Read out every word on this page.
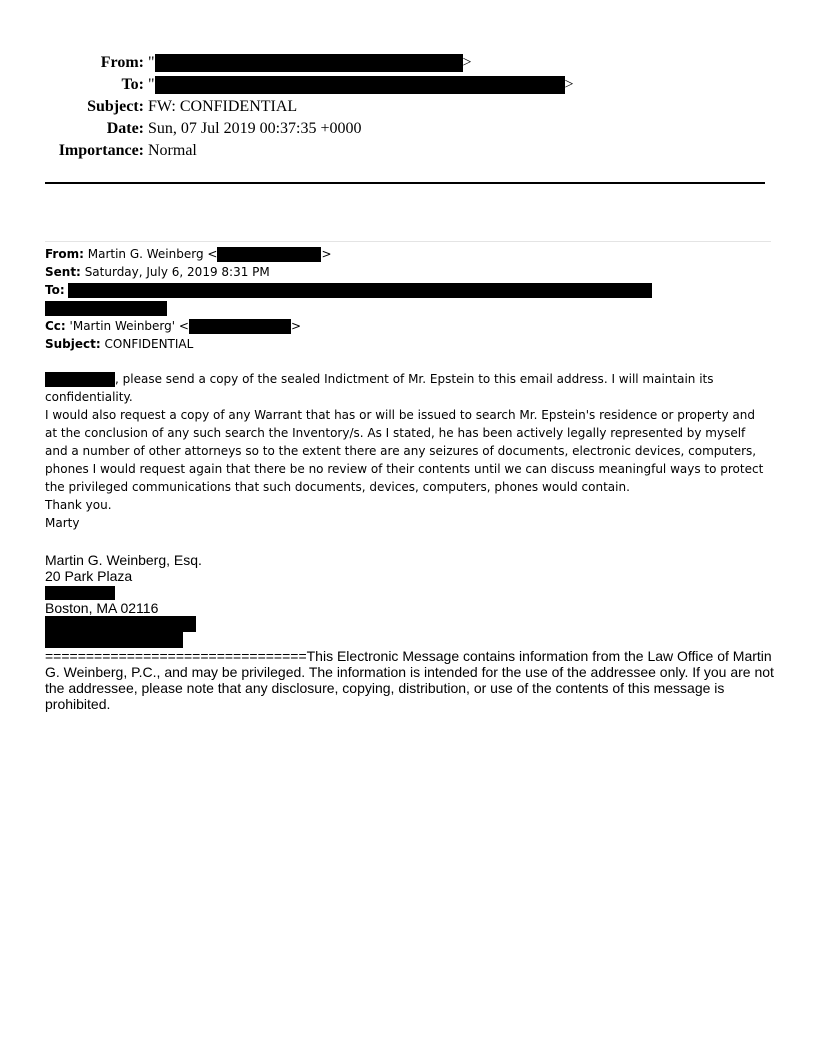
From: "	>
To: "	>
Subject: FW: CONFIDENTIAL
Date: Sun, 07 Jul 2019 00:37:35 +0000
Importance: Normal
From: Martin G. Weinberg <	>
Sent: Saturday, July 6, 2019 8:31 PM
To:
Cc: 'Martin Weinberg' <	>
Subject: CONFIDENTIAL

, please send a copy of the sealed Indictment of Mr. Epstein to this email address. I will maintain its confidentiality.

I would also request a copy of any Warrant that has or will be issued to search Mr. Epstein's residence or property and at the conclusion of any such search the Inventory/s. As I stated, he has been actively legally represented by myself and a number of other attorneys so to the extent there are any seizures of documents, electronic devices, computers, phones I would request again that there be no review of their contents until we can discuss meaningful ways to protect the privileged communications that such documents, devices, computers, phones would contain.

Thank you.

Marty

Martin G. Weinberg, Esq.
20 Park Plaza
Boston, MA 02116

================================This Electronic Message contains information from the Law Office of Martin G. Weinberg, P.C., and may be privileged. The information is intended for the use of the addressee only. If you are not the addressee, please note that any disclosure, copying, distribution, or use of the contents of this message is prohibited.
